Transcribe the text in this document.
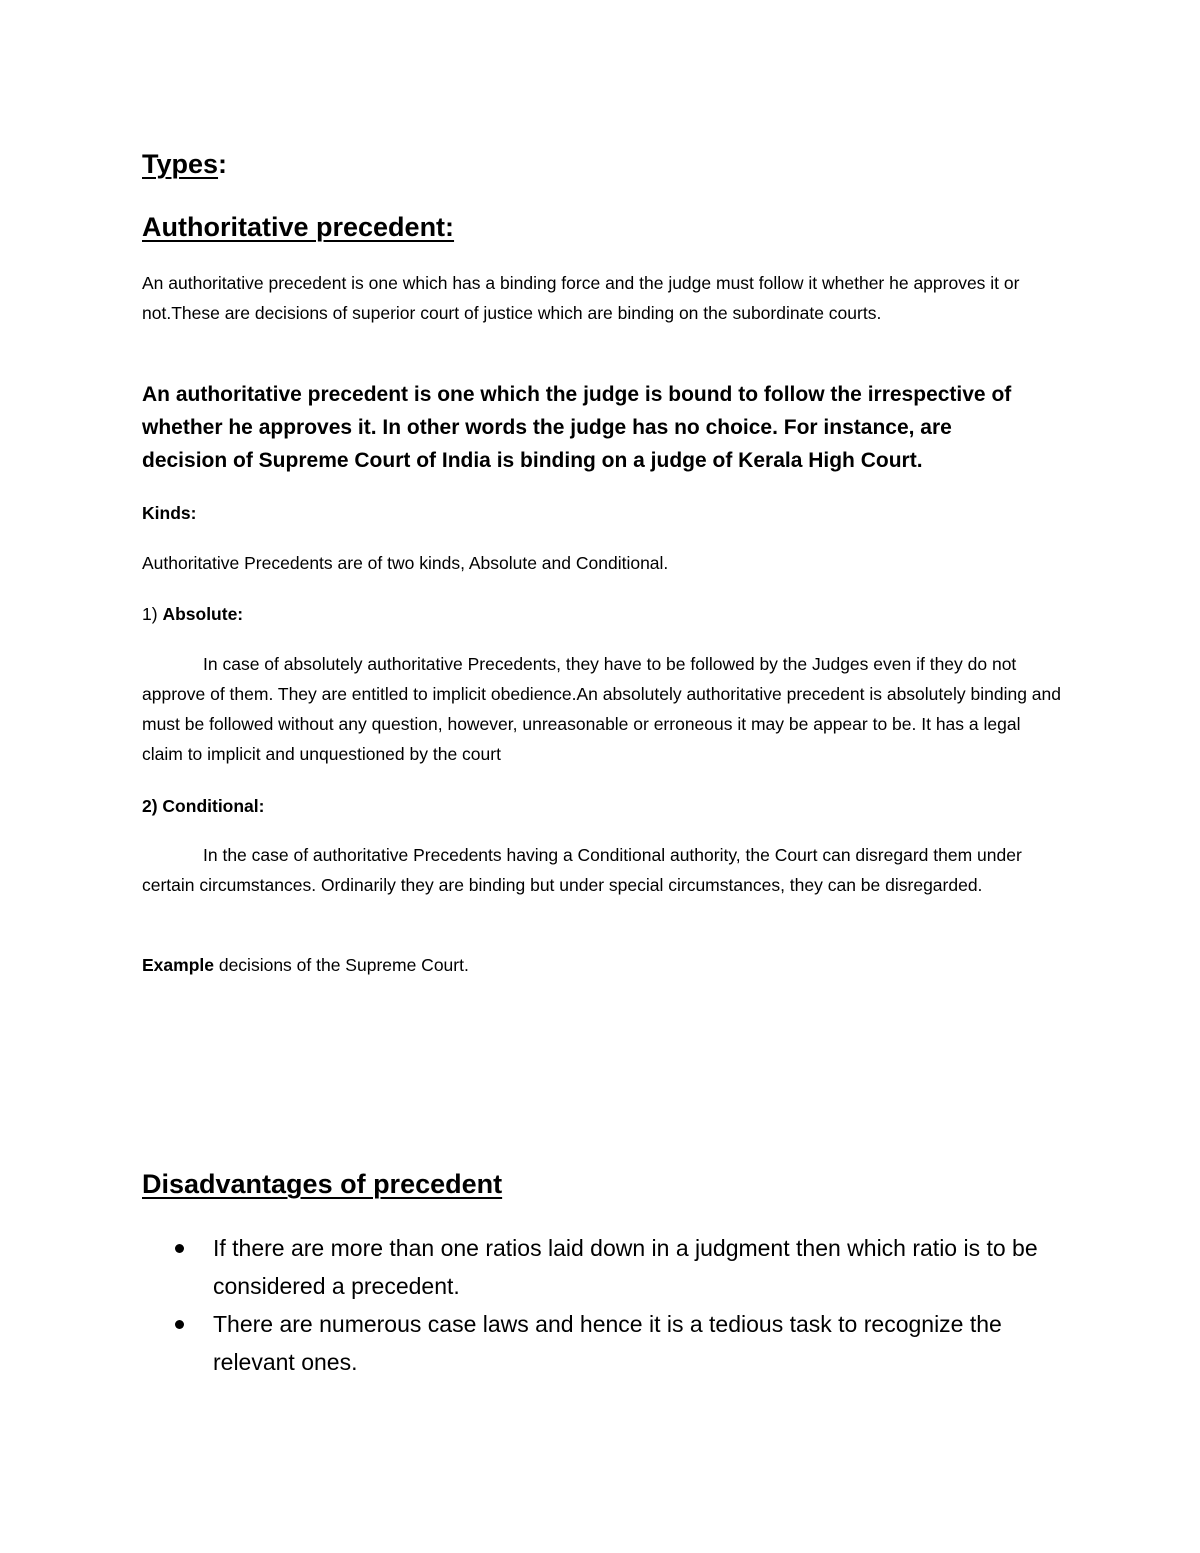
Types:
Authoritative precedent:

An authoritative precedent is one which has a binding force and the judge must follow it whether he approves it or not.These are decisions of superior court of justice which are binding on the subordinate courts.

An authoritative precedent is one which the judge is bound to follow the irrespective of whether he approves it. In other words the judge has no choice. For instance, are decision of Supreme Court of India is binding on a judge of Kerala High Court.

Kinds:

Authoritative Precedents are of two kinds, Absolute and Conditional.

1) Absolute:

In case of absolutely authoritative Precedents, they have to be followed by the Judges even if they do not approve of them. They are entitled to implicit obedience.An absolutely authoritative precedent is absolutely binding and must be followed without any question, however, unreasonable or erroneous it may be appear to be. It has a legal claim to implicit and unquestioned by the court

2) Conditional:

In the case of authoritative Precedents having a Conditional authority, the Court can disregard them under certain circumstances. Ordinarily they are binding but under special circumstances, they can be disregarded.

Example decisions of the Supreme Court.

Disadvantages of precedent
If there are more than one ratios laid down in a judgment then which ratio is to be considered a precedent.
There are numerous case laws and hence it is a tedious task to recognize the relevant ones.
